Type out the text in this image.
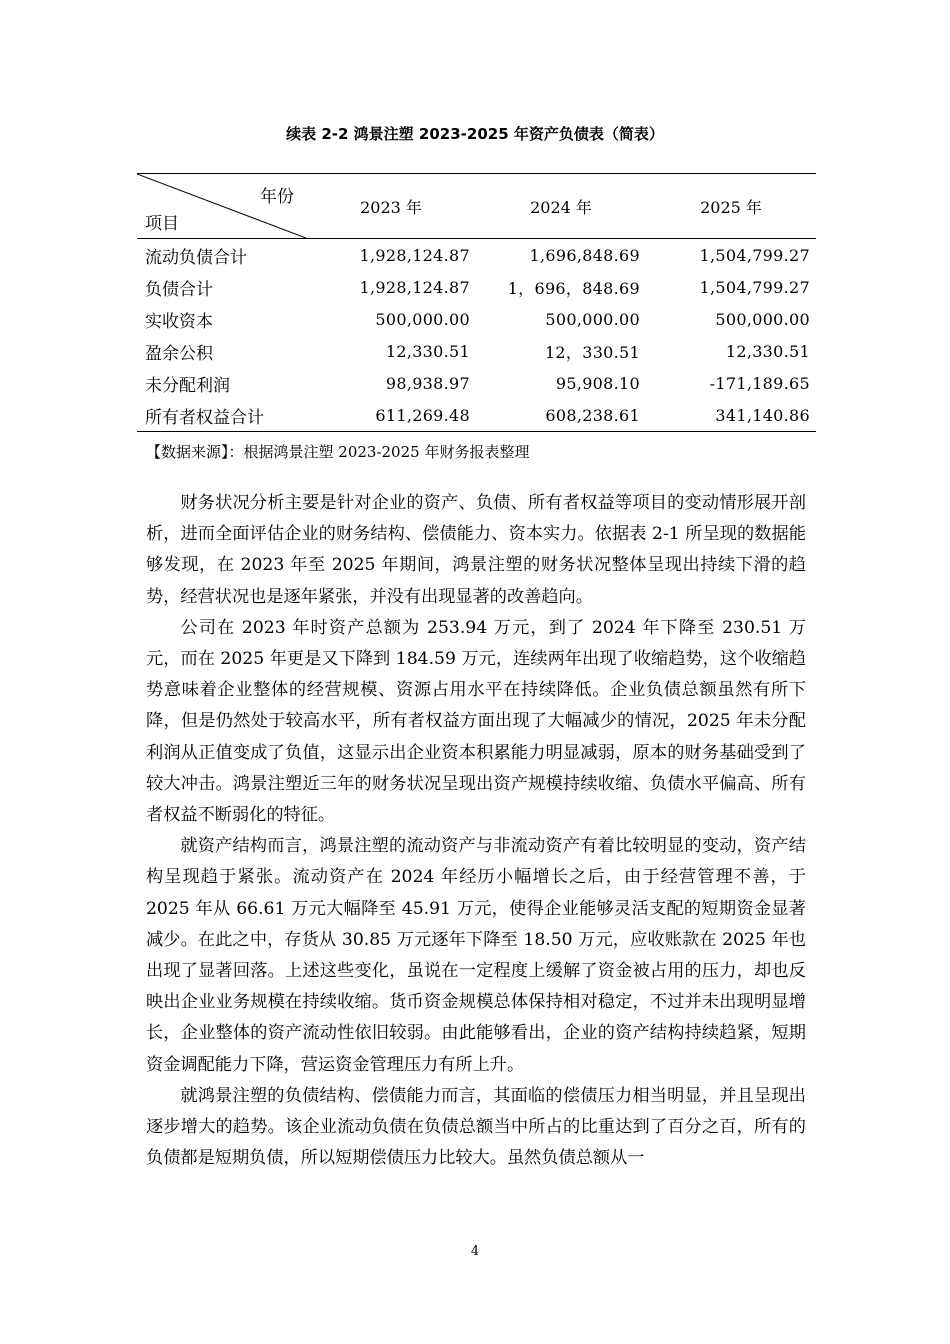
续表 2-2 鸿景注塑 2023-2025 年资产负债表（简表）
年份
项目	2023 年	2024 年	2025 年
流动负债合计	1,928,124.87	1,696,848.69	1,504,799.27
负债合计	1,928,124.87	1，696，848.69	1,504,799.27
实收资本	500,000.00	500,000.00	500,000.00
盈余公积	12,330.51	12，330.51	12,330.51
未分配利润	98,938.97	95,908.10	-171,189.65
所有者权益合计	611,269.48	608,238.61	341,140.86
【数据来源】：根据鸿景注塑 2023-2025 年财务报表整理

财务状况分析主要是针对企业的资产、负债、所有者权益等项目的变动情形展开剖析，进而全面评估企业的财务结构、偿债能力、资本实力。依据表 2-1 所呈现的数据能够发现，在 2023 年至 2025 年期间，鸿景注塑的财务状况整体呈现出持续下滑的趋势，经营状况也是逐年紧张，并没有出现显著的改善趋向。

公司在 2023 年时资产总额为 253.94 万元，到了 2024 年下降至 230.51 万元，而在 2025 年更是又下降到 184.59 万元，连续两年出现了收缩趋势，这个收缩趋势意味着企业整体的经营规模、资源占用水平在持续降低。企业负债总额虽然有所下降，但是仍然处于较高水平，所有者权益方面出现了大幅减少的情况，2025 年未分配利润从正值变成了负值，这显示出企业资本积累能力明显减弱，原本的财务基础受到了较大冲击。鸿景注塑近三年的财务状况呈现出资产规模持续收缩、负债水平偏高、所有者权益不断弱化的特征。

就资产结构而言，鸿景注塑的流动资产与非流动资产有着比较明显的变动，资产结构呈现趋于紧张。流动资产在 2024 年经历小幅增长之后，由于经营管理不善，于 2025 年从 66.61 万元大幅降至 45.91 万元，使得企业能够灵活支配的短期资金显著减少。在此之中，存货从 30.85 万元逐年下降至 18.50 万元，应收账款在 2025 年也出现了显著回落。上述这些变化，虽说在一定程度上缓解了资金被占用的压力，却也反映出企业业务规模在持续收缩。货币资金规模总体保持相对稳定，不过并未出现明显增长，企业整体的资产流动性依旧较弱。由此能够看出，企业的资产结构持续趋紧，短期资金调配能力下降，营运资金管理压力有所上升。

就鸿景注塑的负债结构、偿债能力而言，其面临的偿债压力相当明显，并且呈现出逐步增大的趋势。该企业流动负债在负债总额当中所占的比重达到了百分之百，所有的负债都是短期负债，所以短期偿债压力比较大。虽然负债总额从一

4
